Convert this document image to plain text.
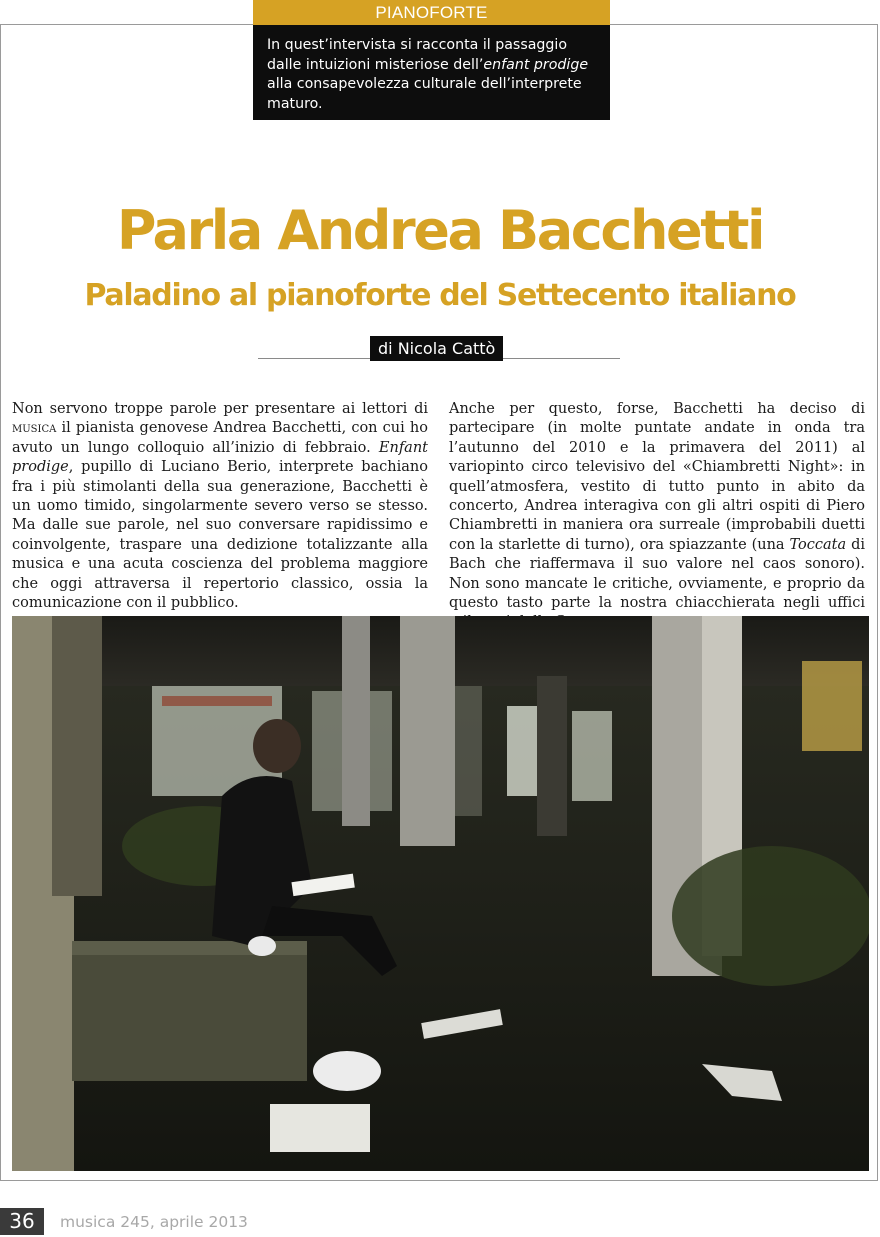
PIANOFORTE
In quest’intervista si racconta il passaggio dalle intuizioni misteriose dell’enfant prodige alla consapevolezza culturale dell’interprete maturo.
Parla Andrea Bacchetti
Paladino al pianoforte del Settecento italiano
di Nicola Cattò
Non servono troppe parole per presentare ai lettori di musica il pianista genovese Andrea Bacchetti, con cui ho avuto un lungo colloquio all’inizio di febbraio. Enfant prodige, pupillo di Luciano Berio, interprete bachiano fra i più stimolanti della sua generazione, Bacchetti è un uomo timido, singolarmente severo verso se stesso. Ma dalle sue parole, nel suo conversare rapidissimo e coinvolgente, traspare una dedizione totalizzante alla musica e una acuta coscienza del problema maggiore che oggi attraversa il repertorio classico, ossia la comunicazione con il pubblico.
Anche per questo, forse, Bacchetti ha deciso di partecipare (in molte puntate andate in onda tra l’autunno del 2010 e la primavera del 2011) al variopinto circo televisivo del «Chiambretti Night»: in quell’atmosfera, vestito di tutto punto in abito da concerto, Andrea interagiva con gli altri ospiti di Piero Chiambretti in maniera ora surreale (improbabili duetti con la starlette di turno), ora spiazzante (una Toccata di Bach che riaffermava il suo valore nel caos sonoro). Non sono mancate le critiche, ovviamente, e proprio da questo tasto parte la nostra chiacchierata negli uffici
36	musica 245, aprile 2013
